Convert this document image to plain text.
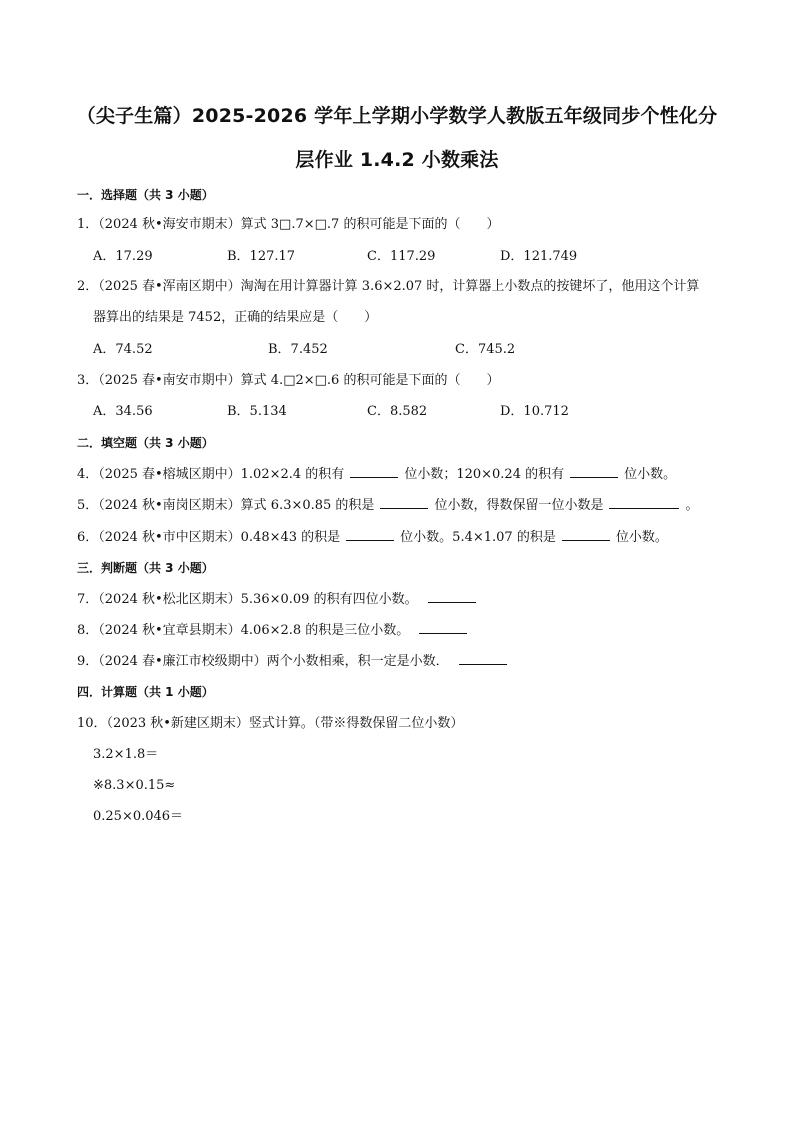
（尖子生篇）2025-2026 学年上学期小学数学人教版五年级同步个性化分
层作业 1.4.2 小数乘法
一．选择题（共 3 小题）
1．（2024 秋•海安市期末）算式 3□.7×□.7 的积可能是下面的（　　）
A．17.29	B．127.17	C．117.29	D．121.749
2．（2025 春•浑南区期中）淘淘在用计算器计算 3.6×2.07 时，计算器上小数点的按键坏了，他用这个计算
器算出的结果是 7452，正确的结果应是（　　）
A．74.52	B．7.452	C．745.2
3．（2025 春•南安市期中）算式 4.□2×□.6 的积可能是下面的（　　）
A．34.56	B．5.134	C．8.582	D．10.712
二．填空题（共 3 小题）
4．（2025 春•榕城区期中）1.02×2.4 的积有	位小数；120×0.24 的积有	位小数。
5．（2024 秋•南岗区期末）算式 6.3×0.85 的积是	位小数，得数保留一位小数是	。
6．（2024 秋•市中区期末）0.48×43 的积是	位小数。5.4×1.07 的积是	位小数。
三．判断题（共 3 小题）
7．（2024 秋•松北区期末）5.36×0.09 的积有四位小数。
8．（2024 秋•宜章县期末）4.06×2.8 的积是三位小数。
9．（2024 春•廉江市校级期中）两个小数相乘，积一定是小数．
四．计算题（共 1 小题）
10．（2023 秋•新建区期末）竖式计算。（带※得数保留二位小数）
3.2×1.8＝
※8.3×0.15≈
0.25×0.046＝
